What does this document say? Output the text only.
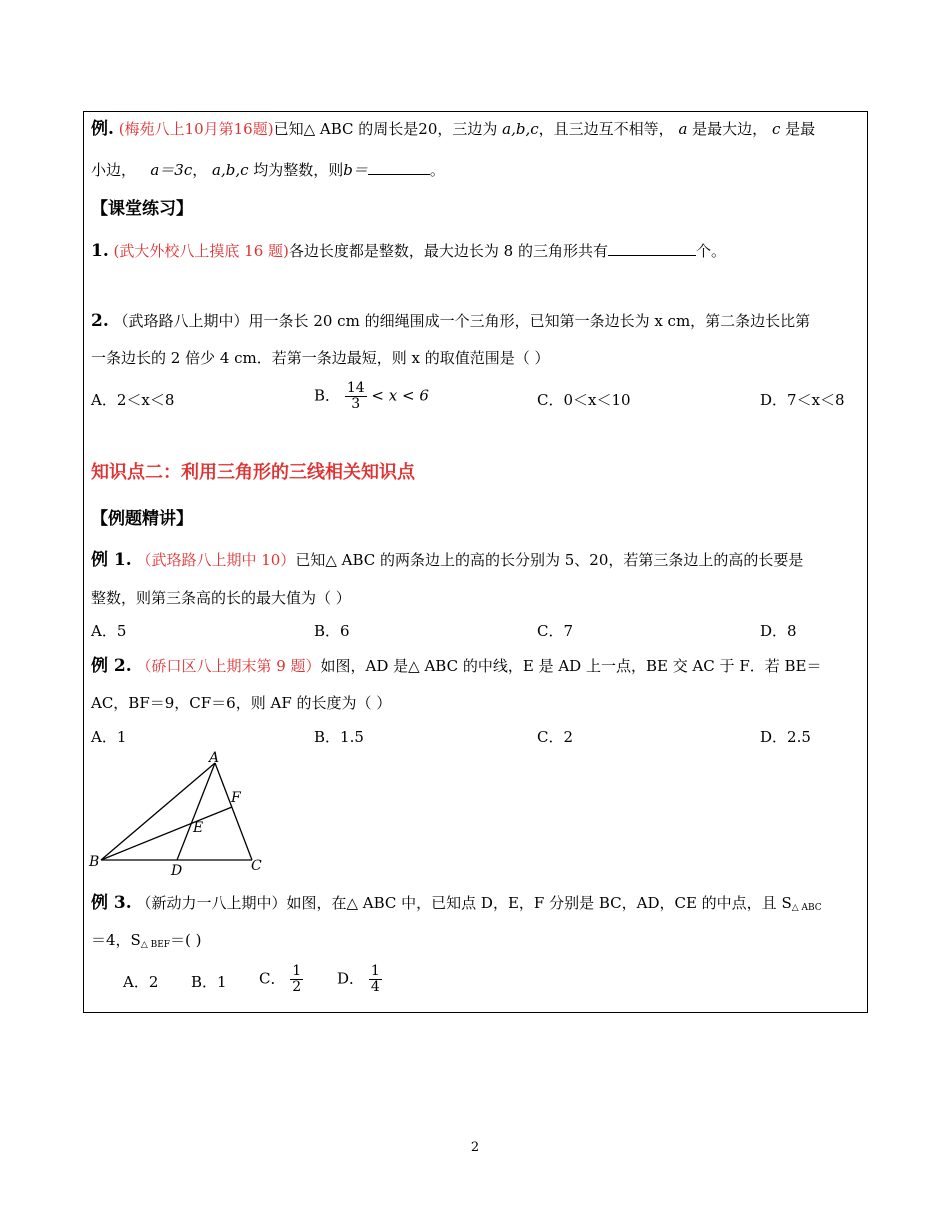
例. (梅苑八上10月第16题)已知△ ABC 的周长是20，三边为 a,b,c，且三边互不相等， a 是最大边， c 是最
小边， a＝3c， a,b,c 均为整数，则b＝	。
【课堂练习】
1. (武大外校八上摸底 16 题)各边长度都是整数，最大边长为 8 的三角形共有	个。
2. （武珞路八上期中）用一条长 20 cm 的细绳围成一个三角形，已知第一条边长为 x cm，第二条边长比第
一条边长的 2 倍少 4 cm．若第一条边最短，则 x 的取值范围是（ ）
A．2＜x＜8	B． $\frac{14}{3} < x < 6$	C．0＜x＜10	D．7＜x＜8
知识点二：利用三角形的三线相关知识点
【例题精讲】
例 1. （武珞路八上期中 10）已知△ ABC 的两条边上的高的长分别为 5、20，若第三条边上的高的长要是
整数，则第三条高的长的最大值为（ ）
A．5	B．6	C．7	D．8
例 2. （硚口区八上期末第 9 题）如图，AD 是△ ABC 的中线，E 是 AD 上一点，BE 交 AC 于 F．若 BE＝
AC，BF＝9，CF＝6，则 AF 的长度为（ ）
A．1	B．1.5	C．2	D．2.5
A
F
E
B
D	C
例 3. （新动力一八上期中）如图，在△ ABC 中，已知点 D，E，F 分别是 BC，AD，CE 的中点，且 $S_{\triangle ABC}$
＝4，$S_{\triangle BEF}=$( )
A．2 B．1 C． $\frac{1}{2}$ D． $\frac{1}{4}$
2
